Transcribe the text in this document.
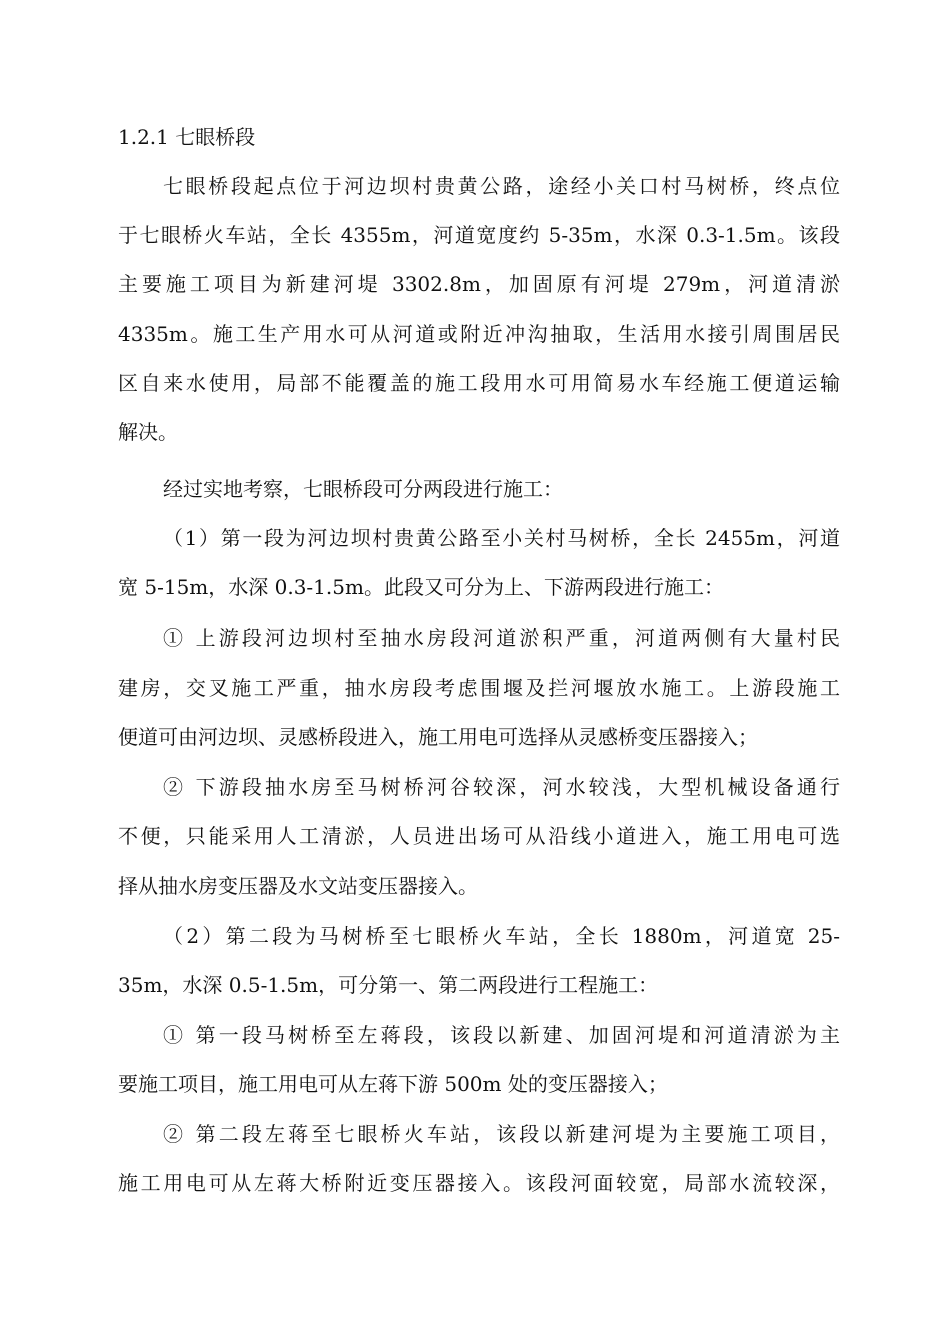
1.2.1 七眼桥段
七眼桥段起点位于河边坝村贵黄公路，途经小关口村马树桥，终点位
于七眼桥火车站，全长 4355m，河道宽度约 5-35m，水深 0.3-1.5m。该段
主要施工项目为新建河堤 3302.8m，加固原有河堤 279m，河道清淤
4335m。施工生产用水可从河道或附近冲沟抽取，生活用水接引周围居民
区自来水使用，局部不能覆盖的施工段用水可用简易水车经施工便道运输
解决。
经过实地考察，七眼桥段可分两段进行施工：
（1）第一段为河边坝村贵黄公路至小关村马树桥，全长 2455m，河道
宽 5-15m，水深 0.3-1.5m。此段又可分为上、下游两段进行施工：
① 上游段河边坝村至抽水房段河道淤积严重，河道两侧有大量村民
建房，交叉施工严重，抽水房段考虑围堰及拦河堰放水施工。上游段施工
便道可由河边坝、灵感桥段进入，施工用电可选择从灵感桥变压器接入；
② 下游段抽水房至马树桥河谷较深，河水较浅，大型机械设备通行
不便，只能采用人工清淤，人员进出场可从沿线小道进入，施工用电可选
择从抽水房变压器及水文站变压器接入。
（2）第二段为马树桥至七眼桥火车站，全长 1880m，河道宽 25-
35m，水深 0.5-1.5m，可分第一、第二两段进行工程施工：
① 第一段马树桥至左蒋段，该段以新建、加固河堤和河道清淤为主
要施工项目，施工用电可从左蒋下游 500m 处的变压器接入；
② 第二段左蒋至七眼桥火车站，该段以新建河堤为主要施工项目，
施工用电可从左蒋大桥附近变压器接入。该段河面较宽，局部水流较深，
